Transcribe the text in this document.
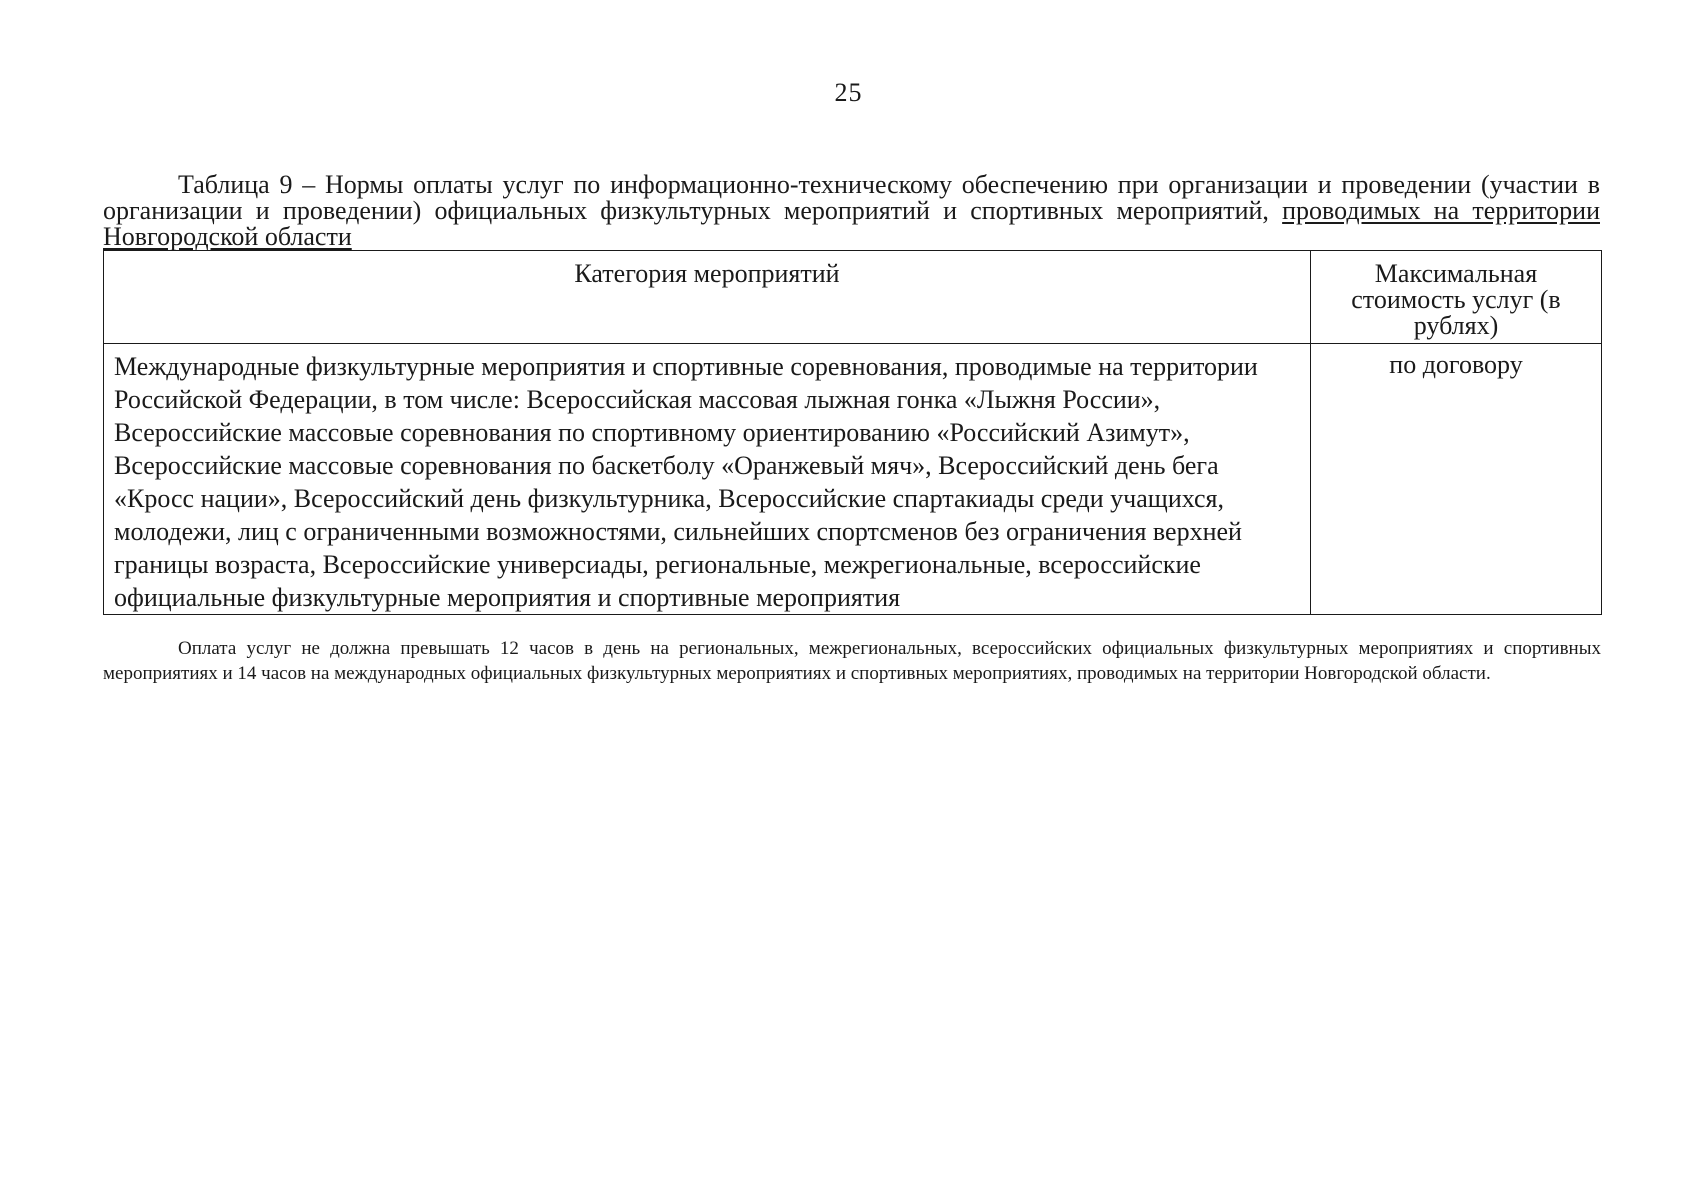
25
Таблица 9 – Нормы оплаты услуг по информационно-техническому обеспечению при организации и проведении (участии в организации и проведении) официальных физкультурных мероприятий и спортивных мероприятий, проводимых на территории Новгородской области
Категория мероприятий	Максимальная стоимость услуг (в рублях)
Международные физкультурные мероприятия и спортивные соревнования, проводимые на территории Российской Федерации, в том числе: Всероссийская массовая лыжная гонка «Лыжня России», Всероссийские массовые соревнования по спортивному ориентированию «Российский Азимут», Всероссийские массовые соревнования по баскетболу «Оранжевый мяч», Всероссийский день бега «Кросс нации», Всероссийский день физкультурника, Всероссийские спартакиады среди учащихся, молодежи, лиц с ограниченными возможностями, сильнейших спортсменов без ограничения верхней границы возраста, Всероссийские универсиады, региональные, межрегиональные, всероссийские официальные физкультурные мероприятия и спортивные мероприятия	по договору
Оплата услуг не должна превышать 12 часов в день на региональных, межрегиональных, всероссийских официальных физкультурных мероприятиях и спортивных мероприятиях и 14 часов на международных официальных физкультурных мероприятиях и спортивных мероприятиях, проводимых на территории Новгородской области.
